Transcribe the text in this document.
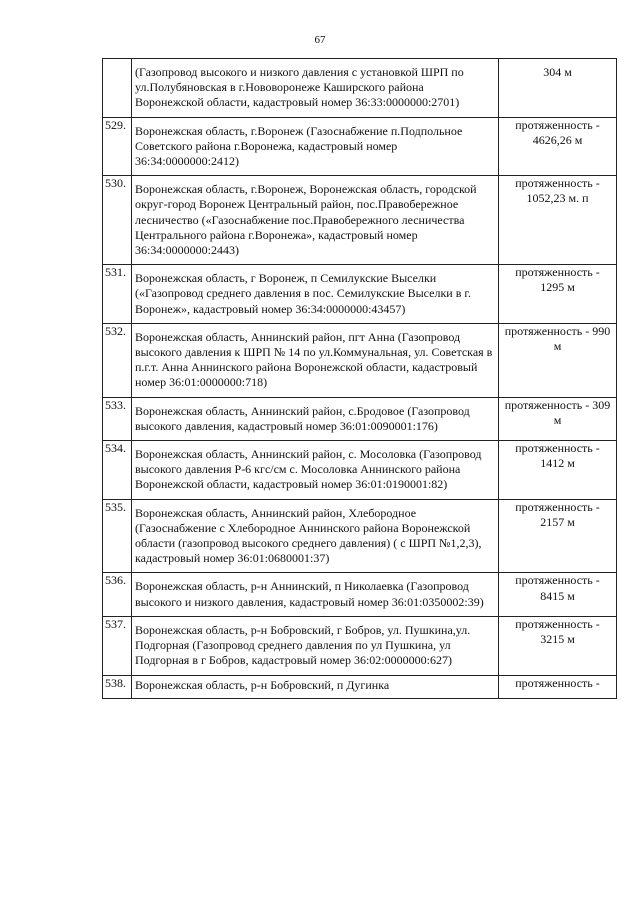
67
	(Газопровод высокого и низкого давления с установкой ШРП по ул.Полубяновская в г.Нововоронеже Каширского района Воронежской области, кадастровый номер 36:33:0000000:2701)	304 м
529.	Воронежская область, г.Воронеж (Газоснабжение п.Подпольное Советского района г.Воронежа, кадастровый номер 36:34:0000000:2412)	протяженность - 4626,26 м
530.	Воронежская область, г.Воронеж, Воронежская область, городской округ-город Воронеж Центральный район, пос.Правобережное лесничество («Газоснабжение пос.Правобережного лесничества Центрального района г.Воронежа», кадастровый номер 36:34:0000000:2443)	протяженность - 1052,23 м. п
531.	Воронежская область, г Воронеж, п Семилукские Выселки («Газопровод среднего давления в пос. Семилукские Выселки в г. Воронеж», кадастровый номер 36:34:0000000:43457)	протяженность - 1295 м
532.	Воронежская область, Аннинский район, пгт Анна (Газопровод высокого давления к ШРП № 14 по ул.Коммунальная, ул. Советская в п.г.т. Анна Аннинского района Воронежской области, кадастровый номер 36:01:0000000:718)	протяженность - 990 м
533.	Воронежская область, Аннинский район, с.Бродовое (Газопровод высокого давления, кадастровый номер 36:01:0090001:176)	протяженность - 309 м
534.	Воронежская область, Аннинский район, с. Мосоловка (Газопровод высокого давления Р-6 кгс/см с. Мосоловка Аннинского района Воронежской области, кадастровый номер 36:01:0190001:82)	протяженность - 1412 м
535.	Воронежская область, Аннинский район, Хлебородное (Газоснабжение с Хлебородное Аннинского района Воронежской области (газопровод высокого среднего давления) ( с ШРП №1,2,3), кадастровый номер 36:01:0680001:37)	протяженность - 2157 м
536.	Воронежская область, р-н Аннинский, п Николаевка (Газопровод высокого и низкого давления, кадастровый номер 36:01:0350002:39)	протяженность - 8415 м
537.	Воронежская область, р-н Бобровский, г Бобров, ул. Пушкина,ул. Подгорная (Газопровод среднего давления по ул Пушкина, ул Подгорная в г Бобров, кадастровый номер 36:02:0000000:627)	протяженность - 3215 м
538.	Воронежская область, р-н Бобровский, п Дугинка	протяженность -
